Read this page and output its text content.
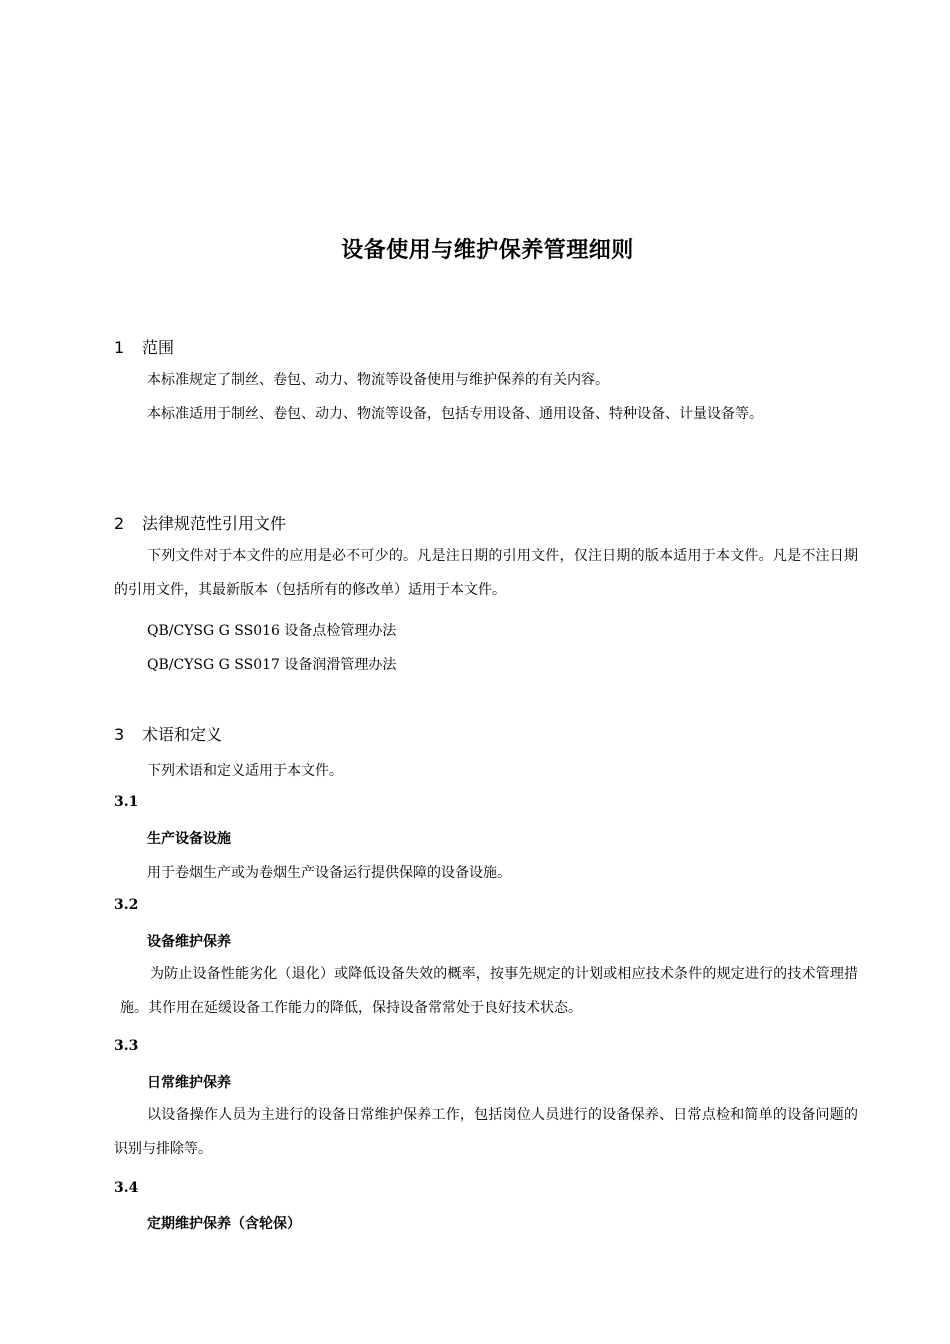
设备使用与维护保养管理细则
1 范围
本标准规定了制丝、卷包、动力、物流等设备使用与维护保养的有关内容。
本标准适用于制丝、卷包、动力、物流等设备，包括专用设备、通用设备、特种设备、计量设备等。
2 法律规范性引用文件
下列文件对于本文件的应用是必不可少的。凡是注日期的引用文件，仅注日期的版本适用于本文件。凡是不注日期的引用文件，其最新版本（包括所有的修改单）适用于本文件。
QB/CYSG G SS016 设备点检管理办法
QB/CYSG G SS017 设备润滑管理办法
3 术语和定义
下列术语和定义适用于本文件。
3.1
生产设备设施
用于卷烟生产或为卷烟生产设备运行提供保障的设备设施。
3.2
设备维护保养
为防止设备性能劣化（退化）或降低设备失效的概率，按事先规定的计划或相应技术条件的规定进行的技术管理措施。其作用在延缓设备工作能力的降低，保持设备常常处于良好技术状态。
3.3
日常维护保养
以设备操作人员为主进行的设备日常维护保养工作，包括岗位人员进行的设备保养、日常点检和简单的设备问题的识别与排除等。
3.4
定期维护保养（含轮保）
